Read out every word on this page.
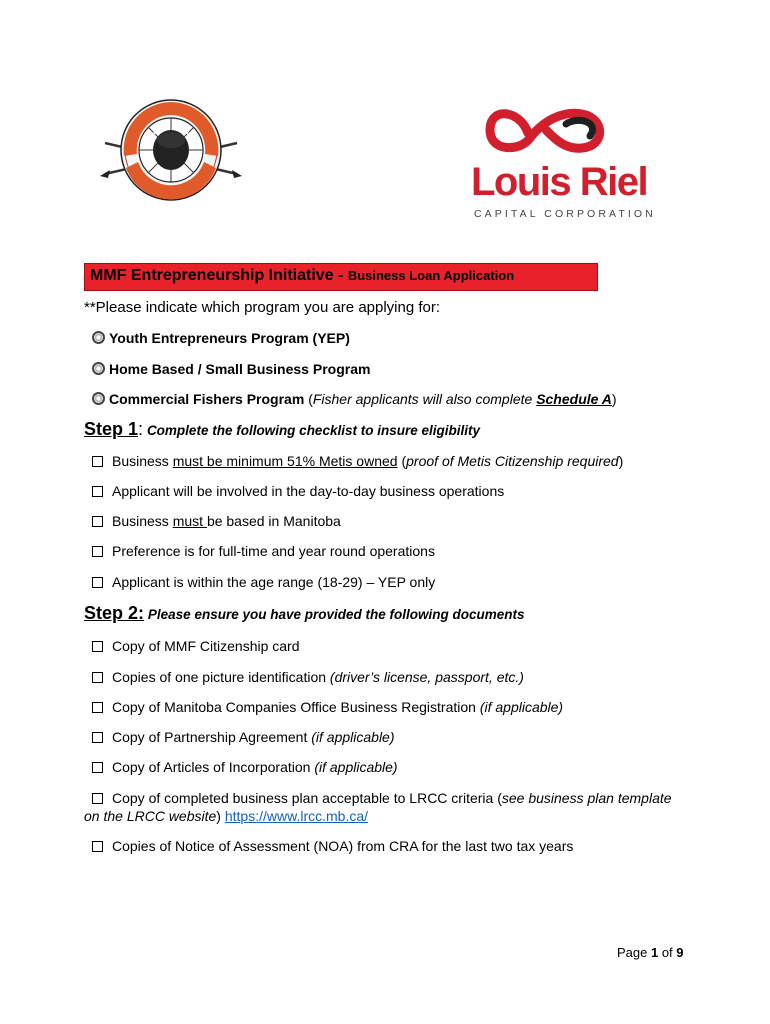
Louis Riel
CAPITAL CORPORATION
MMF Entrepreneurship Initiative - Business Loan Application
**Please indicate which program you are applying for:
Youth Entrepreneurs Program (YEP)
Home Based / Small Business Program
Commercial Fishers Program (Fisher applicants will also complete Schedule A)
Step 1: Complete the following checklist to insure eligibility
Business must be minimum 51% Metis owned (proof of Metis Citizenship required)
Applicant will be involved in the day-to-day business operations
Business must be based in Manitoba
Preference is for full-time and year round operations
Applicant is within the age range (18-29) – YEP only
Step 2: Please ensure you have provided the following documents
Copy of MMF Citizenship card
Copies of one picture identification (driver’s license, passport, etc.)
Copy of Manitoba Companies Office Business Registration (if applicable)
Copy of Partnership Agreement (if applicable)
Copy of Articles of Incorporation (if applicable)
Copy of completed business plan acceptable to LRCC criteria (see business plan template
on the LRCC website) https://www.lrcc.mb.ca/
Copies of Notice of Assessment (NOA) from CRA for the last two tax years
Page 1 of 9
